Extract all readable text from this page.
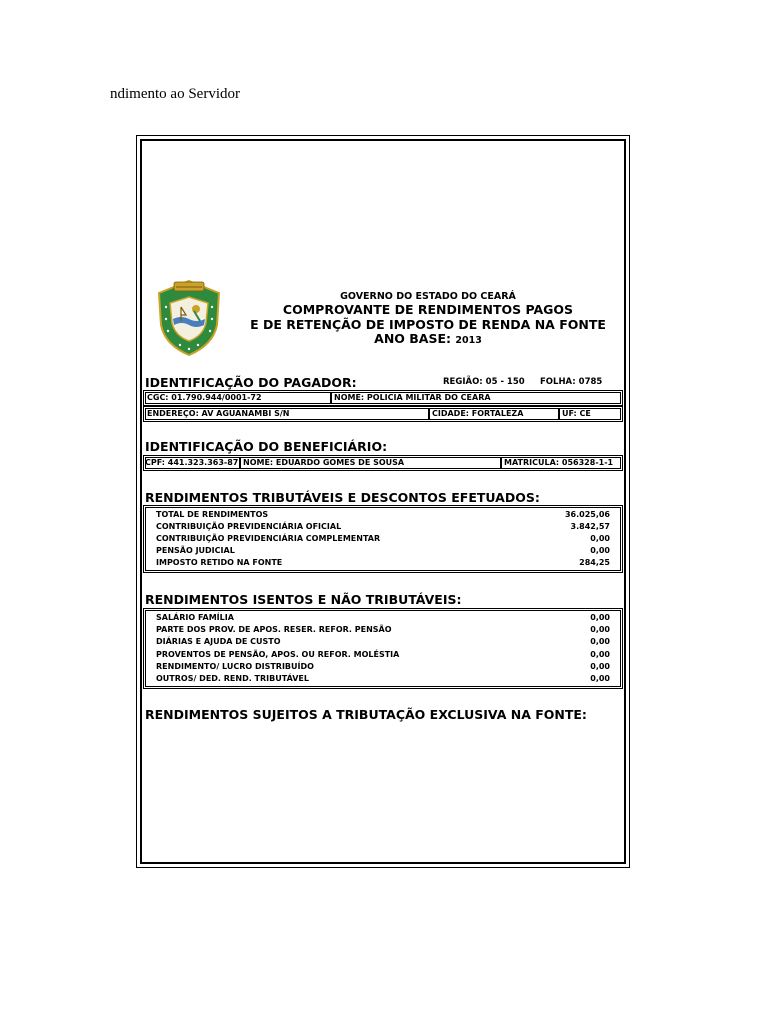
ndimento ao Servidor
GOVERNO DO ESTADO DO CEARÁ
COMPROVANTE DE RENDIMENTOS PAGOS
E DE RETENÇÃO DE IMPOSTO DE RENDA NA FONTE
ANO BASE: 2013
IDENTIFICAÇÃO DO PAGADOR:	REGIÃO: 05 - 150 FOLHA: 0785
CGC: 01.790.944/0001-72	NOME: POLICIA MILITAR DO CEARA
ENDEREÇO: AV AGUANAMBI S/N	CIDADE: FORTALEZA	UF: CE
IDENTIFICAÇÃO DO BENEFICIÁRIO:
CPF: 441.323.363-87 NOME: EDUARDO GOMES DE SOUSA	MATRICULA: 056328-1-1
RENDIMENTOS TRIBUTÁVEIS E DESCONTOS EFETUADOS:
TOTAL DE RENDIMENTOS	36.025,06
CONTRIBUIÇÃO PREVIDENCIÁRIA OFICIAL	3.842,57
CONTRIBUIÇÃO PREVIDENCIÁRIA COMPLEMENTAR	0,00
PENSÃO JUDICIAL	0,00
IMPOSTO RETIDO NA FONTE	284,25
RENDIMENTOS ISENTOS E NÃO TRIBUTÁVEIS:
SALÁRIO FAMÍLIA	0,00
PARTE DOS PROV. DE APOS. RESER. REFOR. PENSÃO	0,00
DIÁRIAS E AJUDA DE CUSTO	0,00
PROVENTOS DE PENSÃO, APOS. OU REFOR. MOLÉSTIA	0,00
RENDIMENTO/ LUCRO DISTRIBUÍDO	0,00
OUTROS/ DED. REND. TRIBUTÁVEL	0,00
RENDIMENTOS SUJEITOS A TRIBUTAÇÃO EXCLUSIVA NA FONTE:
